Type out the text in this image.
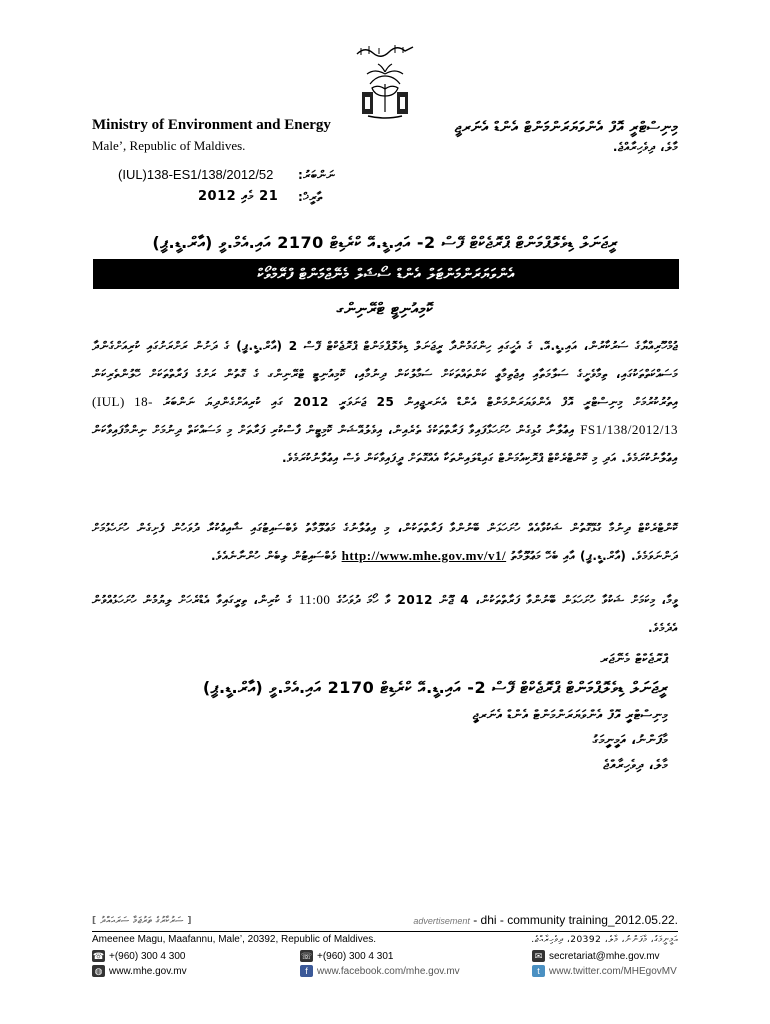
Ministry of Environment and Energy
Male’, Republic of Maldives.
މިނިސްޓްރީ އޮފް އެންވަޔަރަންމަންޓް އެންޑް އެނަރޖީ
މާލެ، ދިވެހިރާއްޖެ.
(IUL)138-ES1/138/2012/52 ނަންބަރު:
21 މެއި 2012 ތާރީޚް:
ރީޖަނަލް ޑިވެލޮޕްމަންޓް ޕްރޮޖެކްޓް ފޭސް 2- އައި.ޑީ.އޭ ކްރެޑިޓް 2170 އައި.އެމް.ވީ (އާރް.ޑީ.ޕީ)
އެންވަޔަރަންމަންޓަލް އެންޑް ސޯޝަލް މެނޭޖްމަންޓް ފްރޭމްވޯކް
ކޮމިއުނިޓީ ޓްރޭނިންގ
ޖުމްހޫރިއްޔާގެ ސަރުކާރުން، އައި.ޑީ.އޭ. ގެ އެހީގައި ހިންގަމުންދާ ރީޖަނަލް ޑިވެލޮޕްމަންޓް ޕްރޮޖެކްޓް ފޭސް 2 (އާރް.ޑީ.ޕީ) ގެ ދަށުން ރަށްރަށުގައި ކުރިއަށްގެންދާ މަސައްކަތްތަކުގައި، ތިމާވެށީގެ ސަލާމަތާއި އިޖުތިމާޢީ ކަންތައްތަކަށް ސަމާލުކަން ދިނުމާއި، ކޮމިއުނިޓީ ޓްރޭނިންގ ގެ ގޮތުން ރަށުގެ ފަރާތްތަކަށް ހޭލުންތެރިކަން އިތުރުކުރުމަށް މިނިސްޓްރީ އޮފް އެންވަޔަރަންމަންޓް އެންޑް އެނަރޖީއިން 25 ޖަނަވަރީ 2012 ގައި ކުރިއަށްގެންދިޔަ ނަންބަރު (IUL) 18-FS1/138/2012/13 އިޢުލާނާ ގުޅިގެން ހުށަހަޅާފައިވާ ފަރާތްތަކުގެ ތެރެއިން، އިވެލުއޭޝަން ކޮމިޓީން ފާސްކުރި ފަރާތަށް މި މަސައްކަތް ދިނުމަށް ނިންމާފައިވާކަން އިޢުލާނުކުރަމެވެ. އަދި މި ކޮންޓްރެކްޓް ޕްރޮކިއުމަންޓް ގައިޑްލައިންތަކާ އެއްގޮތަށް ދީފައިވާކަން ވެސް އިޢުލާނުކުރަމެވެ.
ކޮންޓްރެކްޓް ދިނުމާ ގުޅޭގޮތުން ޝަކުވާއެއް ހުށަހަޅަން ބޭނުންވާ ފަރާތްތަކުން، މި އިޢުލާނުގެ މަޢުލޫމާތު ވެބްސައިޓުގައި ޝާއިޢުކުރާ ދުވަހުން ފެށިގެން ހުށަހެޅުމަށް ދަންނަވަމެވެ. (އާރް.ޑީ.ޕީ) އާއި ބެހޭ މަޢުލޫމާތު http://www.mhe.gov.mv/v1/ ވެބްސައިޓުން ލިބެން ހުންނާނެއެވެ.
ވީމާ، މިކަމަށް ޝަކުވާ ހުށަހަޅަން ބޭނުންވާ ފަރާތްތަކުން، 4 ޖޫން 2012 ވާ ހޯމަ ދުވަހުގެ 11:00 ގެ ކުރިން، ތިރީގައިވާ އެޑްރެހަށް ލިޔުމުން ހުށަހަޅުއްވުން އެދެމެވެ.
ޕްރޮޖެކްޓް މެނޭޖަރ
ރީޖަނަލް ޑިވެލޮޕްމަންޓް ޕްރޮޖެކްޓް ފޭސް 2- އައި.ޑީ.އޭ ކްރެޑިޓް 2170 އައި.އެމް.ވީ (އާރް.ޑީ.ޕީ)
މިނިސްޓްރީ އޮފް އެންވަޔަރަންމަންޓް އެންޑް އެނަރޖީ
މާފަންނު، އަމީނީމަގު
މާލެ، ދިވެހިރާއްޖެ
[ ސަރުކާރުގެ ތަރުޖަމާ ސަރަޙައްދު ]	advertisement - dhi - community training_2012.05.22.
Ameenee Magu, Maafannu, Male’, 20392, Republic of Maldives.	އަމީނީމަގު، މާފަންނު، މާލެ، 20392، ދިވެހިރާއްޖެ.
☎ +(960) 300 4 300
◍ www.mhe.gov.mv
☏ +(960) 300 4 301
f www.facebook.com/mhe.gov.mv
✉ secretariat@mhe.gov.mv
t www.twitter.com/MHEgovMV
